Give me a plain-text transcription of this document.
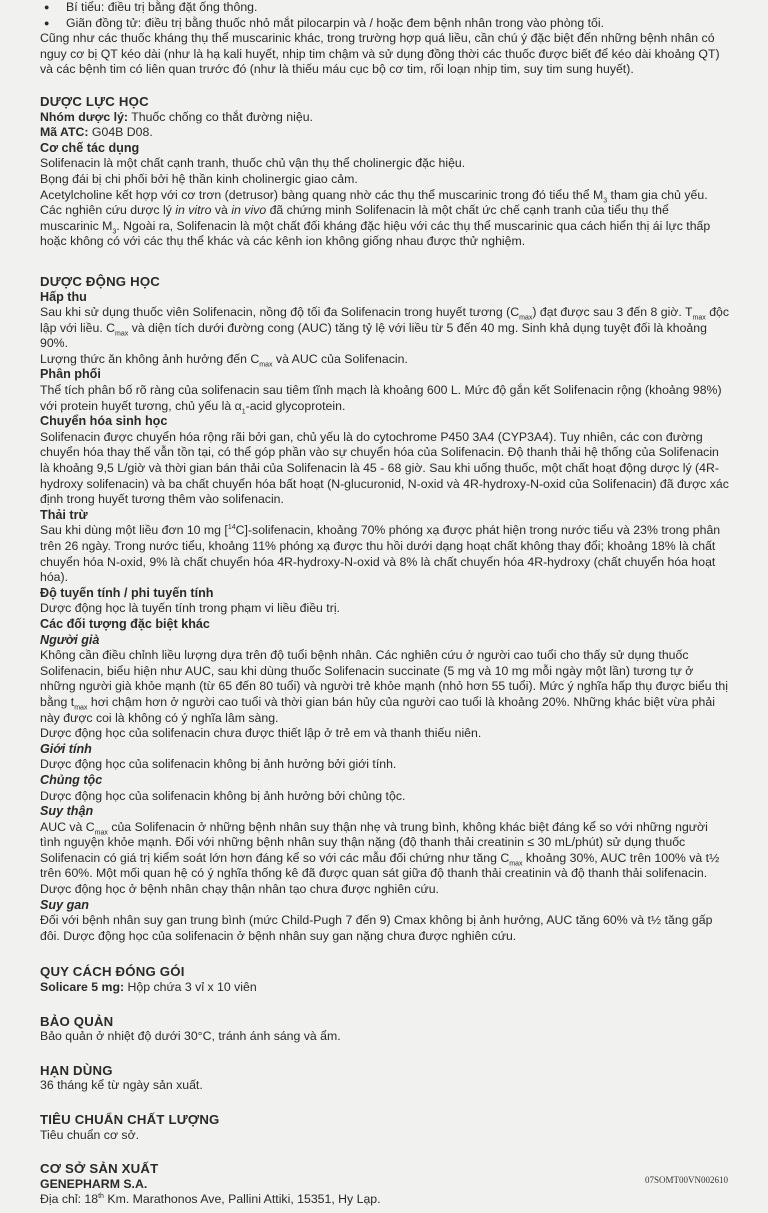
● Bí tiểu: điều trị bằng đặt ống thông.

● Giãn đồng tử: điều trị bằng thuốc nhỏ mắt pilocarpin và / hoặc đem bệnh nhân trong vào phòng tối.

Cũng như các thuốc kháng thụ thể muscarinic khác, trong trường hợp quá liều, cần chú ý đặc biệt đến những bệnh nhân có nguy cơ bị QT kéo dài (như là hạ kali huyết, nhịp tim chậm và sử dụng đồng thời các thuốc được biết để kéo dài khoảng QT) và các bệnh tim có liên quan trước đó (như là thiếu máu cục bộ cơ tim, rối loạn nhịp tim, suy tim sung huyết).

DƯỢC LỰC HỌC

Nhóm dược lý: Thuốc chống co thắt đường niệu.

Mã ATC: G04B D08.

Cơ chế tác dụng

Solifenacin là một chất cạnh tranh, thuốc chủ vận thụ thể cholinergic đặc hiệu.

Bọng đái bị chi phối bởi hệ thần kinh cholinergic giao cảm.

Acetylcholine kết hợp với cơ trơn (detrusor) bàng quang nhờ các thụ thể muscarinic trong đó tiểu thể $M_3$ tham gia chủ yếu. Các nghiên cứu dược lý in vitro và in vivo đã chứng minh Solifenacin là một chất ức chế cạnh tranh của tiểu thụ thể muscarinic $M_3$. Ngoài ra, Solifenacin là một chất đối kháng đặc hiệu với các thụ thể muscarinic qua cách hiển thị ái lực thấp hoặc không có với các thụ thể khác và các kênh ion không giống nhau được thử nghiệm.

DƯỢC ĐỘNG HỌC

Hấp thu

Sau khi sử dụng thuốc viên Solifenacin, nồng độ tối đa Solifenacin trong huyết tương $(C_{max})$ đạt được sau 3 đến 8 giờ. $T_{max}$ độc lập với liều. $C_{max}$ và diện tích dưới đường cong (AUC) tăng tỷ lệ với liều từ 5 đến 40 mg. Sinh khả dụng tuyệt đối là khoảng 90%.

Lượng thức ăn không ảnh hưởng đến $C_{max}$ và AUC của Solifenacin.

Phân phối

Thể tích phân bố rõ ràng của solifenacin sau tiêm tĩnh mạch là khoảng 600 L. Mức độ gắn kết Solifenacin rộng (khoảng 98%) với protein huyết tương, chủ yếu là $\alpha_1$-acid glycoprotein.

Chuyển hóa sinh học

Solifenacin được chuyển hóa rộng rãi bởi gan, chủ yếu là do cytochrome P450 3A4 (CYP3A4). Tuy nhiên, các con đường chuyển hóa thay thế vẫn tồn tại, có thể góp phần vào sự chuyển hóa của Solifenacin. Độ thanh thải hệ thống của Solifenacin là khoảng 9,5 L/giờ và thời gian bán thải của Solifenacin là 45 - 68 giờ. Sau khi uống thuốc, một chất hoạt động dược lý (4R-hydroxy solifenacin) và ba chất chuyển hóa bất hoạt (N-glucuronid, N-oxid và 4R-hydroxy-N-oxid của Solifenacin) đã được xác định trong huyết tương thêm vào solifenacin.

Thải trừ

Sau khi dùng một liều đơn 10 mg [$^{14}$C]-solifenacin, khoảng 70% phóng xạ được phát hiện trong nước tiểu và 23% trong phân trên 26 ngày. Trong nước tiểu, khoảng 11% phóng xạ được thu hồi dưới dạng hoạt chất không thay đổi; khoảng 18% là chất chuyển hóa N-oxid, 9% là chất chuyển hóa 4R-hydroxy-N-oxid và 8% là chất chuyển hóa 4R-hydroxy (chất chuyển hóa hoạt hóa).

Độ tuyến tính / phi tuyến tính

Dược động học là tuyến tính trong phạm vi liều điều trị.

Các đối tượng đặc biệt khác

Người già

Không cần điều chỉnh liều lượng dựa trên độ tuổi bệnh nhân. Các nghiên cứu ở người cao tuổi cho thấy sử dụng thuốc Solifenacin, biểu hiện như AUC, sau khi dùng thuốc Solifenacin succinate (5 mg và 10 mg mỗi ngày một lần) tương tự ở những người già khỏe mạnh (từ 65 đến 80 tuổi) và người trẻ khỏe mạnh (nhỏ hơn 55 tuổi). Mức ý nghĩa hấp thụ được biểu thị bằng $t_{max}$ hơi chậm hơn ở người cao tuổi và thời gian bán hủy của người cao tuổi là khoảng 20%. Những khác biệt vừa phải này được coi là không có ý nghĩa lâm sàng.

Dược động học của solifenacin chưa được thiết lập ở trẻ em và thanh thiếu niên.

Giới tính

Dược động học của solifenacin không bị ảnh hưởng bởi giới tính.

Chủng tộc

Dược động học của solifenacin không bị ảnh hưởng bởi chủng tộc.

Suy thận

AUC và $C_{max}$ của Solifenacin ở những bệnh nhân suy thận nhẹ và trung bình, không khác biệt đáng kể so với những người tình nguyện khỏe mạnh. Đối với những bệnh nhân suy thận nặng (độ thanh thải creatinin ≤ 30 mL/phút) sử dụng thuốc Solifenacin có giá trị kiểm soát lớn hơn đáng kể so với các mẫu đối chứng như tăng $C_{max}$ khoảng 30%, AUC trên 100% và t½ trên 60%. Một mối quan hệ có ý nghĩa thống kê đã được quan sát giữa độ thanh thải creatinin và độ thanh thải solifenacin.

Dược động học ở bệnh nhân chạy thận nhân tạo chưa được nghiên cứu.

Suy gan

Đối với bệnh nhân suy gan trung bình (mức Child-Pugh 7 đến 9) Cmax không bị ảnh hưởng, AUC tăng 60% và t½ tăng gấp đôi. Dược động học của solifenacin ở bệnh nhân suy gan nặng chưa được nghiên cứu.

QUY CÁCH ĐÓNG GÓI

Solicare 5 mg: Hộp chứa 3 vỉ x 10 viên

BẢO QUẢN

Bảo quản ở nhiệt độ dưới 30°C, tránh ánh sáng và ẩm.

HẠN DÙNG

36 tháng kể từ ngày sản xuất.

TIÊU CHUẨN CHẤT LƯỢNG

Tiêu chuẩn cơ sở.

CƠ SỞ SẢN XUẤT

GENEPHARM S.A.

Địa chỉ: 18th Km. Marathonos Ave, Pallini Attiki, 15351, Hy Lạp.

07SOMT00VN002610
